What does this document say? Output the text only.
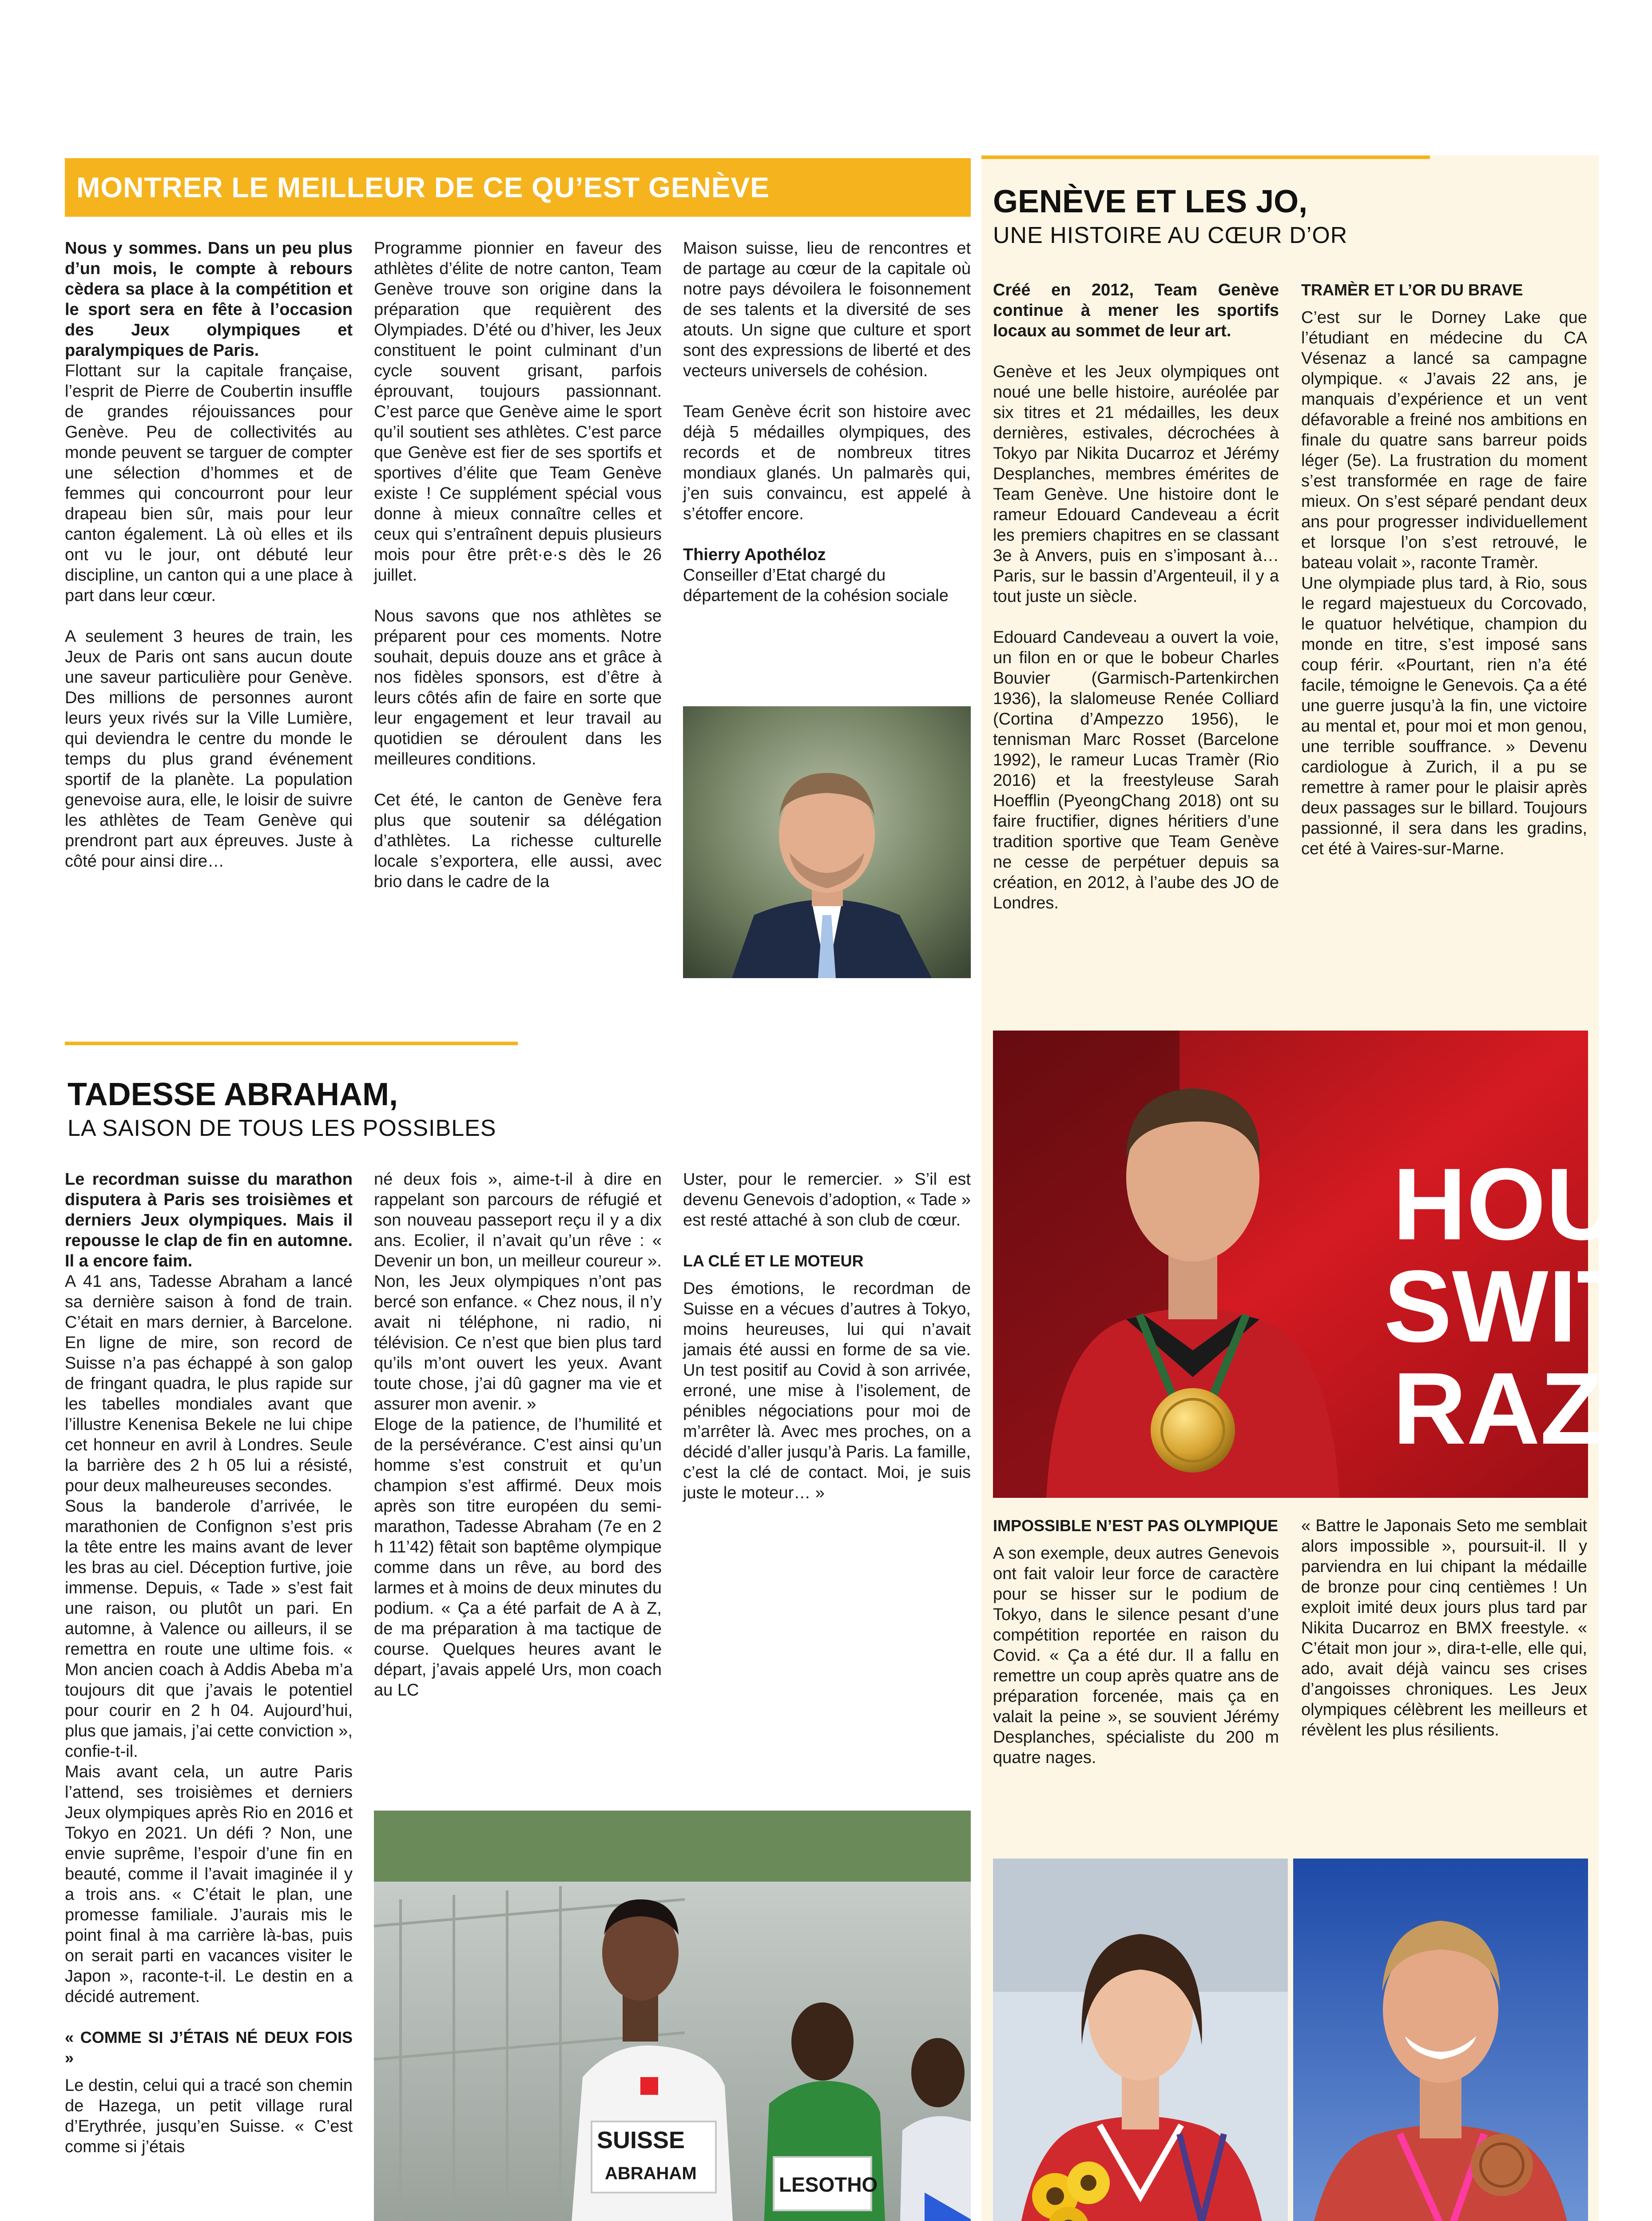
MONTRER LE MEILLEUR DE CE QU’EST GENÈVE

Nous y sommes. Dans un peu plus d’un mois, le compte à rebours cèdera sa place à la compétition et le sport sera en fête à l’occasion des Jeux olympiques et paralympiques de Paris.

Flottant sur la capitale française, l’esprit de Pierre de Coubertin insuffle de grandes réjouissances pour Genève. Peu de collectivités au monde peuvent se targuer de compter une sélection d’hommes et de femmes qui concourront pour leur drapeau bien sûr, mais pour leur canton également. Là où elles et ils ont vu le jour, ont débuté leur discipline, un canton qui a une place à part dans leur cœur.

A seulement 3 heures de train, les Jeux de Paris ont sans aucun doute une saveur particulière pour Genève. Des millions de personnes auront leurs yeux rivés sur la Ville Lumière, qui deviendra le centre du monde le temps du plus grand événement sportif de la planète. La population genevoise aura, elle, le loisir de suivre les athlètes de Team Genève qui prendront part aux épreuves. Juste à côté pour ainsi dire…

Programme pionnier en faveur des athlètes d’élite de notre canton, Team Genève trouve son origine dans la préparation que requièrent des Olympiades. D’été ou d’hiver, les Jeux constituent le point culminant d’un cycle souvent grisant, parfois éprouvant, toujours passionnant. C’est parce que Genève aime le sport qu’il soutient ses athlètes. C’est parce que Genève est fier de ses sportifs et sportives d’élite que Team Genève existe ! Ce supplément spécial vous donne à mieux connaître celles et ceux qui s’entraînent depuis plusieurs mois pour être prêt·e·s dès le 26 juillet.

Nous savons que nos athlètes se préparent pour ces moments. Notre souhait, depuis douze ans et grâce à nos fidèles sponsors, est d’être à leurs côtés afin de faire en sorte que leur engagement et leur travail au quotidien se déroulent dans les meilleures conditions.

Cet été, le canton de Genève fera plus que soutenir sa délégation d’athlètes. La richesse culturelle locale s’exportera, elle aussi, avec brio dans le cadre de la

Maison suisse, lieu de rencontres et de partage au cœur de la capitale où notre pays dévoilera le foisonnement de ses talents et la diversité de ses atouts. Un signe que culture et sport sont des expressions de liberté et des vecteurs universels de cohésion.

Team Genève écrit son histoire avec déjà 5 médailles olympiques, des records et de nombreux titres mondiaux glanés. Un palmarès qui, j’en suis convaincu, est appelé à s’étoffer encore.

Thierry Apothéloz

Conseiller d’Etat chargé du département de la cohésion sociale

GENÈVE ET LES JO,
UNE HISTOIRE AU CŒUR D’OR

Créé en 2012, Team Genève continue à mener les sportifs locaux au sommet de leur art.

Genève et les Jeux olympiques ont noué une belle histoire, auréolée par six titres et 21 médailles, les deux dernières, estivales, décrochées à Tokyo par Nikita Ducarroz et Jérémy Desplanches, membres émérites de Team Genève. Une histoire dont le rameur Edouard Candeveau a écrit les premiers chapitres en se classant 3e à Anvers, puis en s’imposant à… Paris, sur le bassin d’Argenteuil, il y a tout juste un siècle.

Edouard Candeveau a ouvert la voie, un filon en or que le bobeur Charles Bouvier (Garmisch-Partenkirchen 1936), la slalomeuse Renée Colliard (Cortina d’Ampezzo 1956), le tennisman Marc Rosset (Barcelone 1992), le rameur Lucas Tramèr (Rio 2016) et la freestyleuse Sarah Hoefflin (PyeongChang 2018) ont su faire fructifier, dignes héritiers d’une tradition sportive que Team Genève ne cesse de perpétuer depuis sa création, en 2012, à l’aube des JO de Londres.

TRAMÈR ET L’OR DU BRAVE

C’est sur le Dorney Lake que l’étudiant en médecine du CA Vésenaz a lancé sa campagne olympique. « J’avais 22 ans, je manquais d’expérience et un vent défavorable a freiné nos ambitions en finale du quatre sans barreur poids léger (5e). La frustration du moment s’est transformée en rage de faire mieux. On s’est séparé pendant deux ans pour progresser individuellement et lorsque l’on s’est retrouvé, le bateau volait », raconte Tramèr.

Une olympiade plus tard, à Rio, sous le regard majestueux du Corcovado, le quatuor helvétique, champion du monde en titre, s’est imposé sans coup férir. «Pourtant, rien n’a été facile, témoigne le Genevois. Ça a été une guerre jusqu’à la fin, une victoire au mental et, pour moi et mon genou, une terrible souffrance. » Devenu cardiologue à Zurich, il a pu se remettre à ramer pour le plaisir après deux passages sur le billard. Toujours passionné, il sera dans les gradins, cet été à Vaires-sur-Marne.

HOU
SWIT
RAZ

IMPOSSIBLE N’EST PAS OLYMPIQUE

A son exemple, deux autres Genevois ont fait valoir leur force de caractère pour se hisser sur le podium de Tokyo, dans le silence pesant d’une compétition reportée en raison du Covid. « Ça a été dur. Il a fallu en remettre un coup après quatre ans de préparation forcenée, mais ça en valait la peine », se souvient Jérémy Desplanches, spécialiste du 200 m quatre nages.

« Battre le Japonais Seto me semblait alors impossible », poursuit-il. Il y parviendra en lui chipant la médaille de bronze pour cinq centièmes ! Un exploit imité deux jours plus tard par Nikita Ducarroz en BMX freestyle. « C’était mon jour », dira-t-elle, elle qui, ado, avait déjà vaincu ses crises d’angoisses chroniques. Les Jeux olympiques célèbrent les meilleurs et révèlent les plus résilients.

TADESSE ABRAHAM,
LA SAISON DE TOUS LES POSSIBLES

Le recordman suisse du marathon disputera à Paris ses troisièmes et derniers Jeux olympiques. Mais il repousse le clap de fin en automne. Il a encore faim.

A 41 ans, Tadesse Abraham a lancé sa dernière saison à fond de train. C’était en mars dernier, à Barcelone. En ligne de mire, son record de Suisse n’a pas échappé à son galop de fringant quadra, le plus rapide sur les tabelles mondiales avant que l’illustre Kenenisa Bekele ne lui chipe cet honneur en avril à Londres. Seule la barrière des 2 h 05 lui a résisté, pour deux malheureuses secondes.

Sous la banderole d’arrivée, le marathonien de Confignon s’est pris la tête entre les mains avant de lever les bras au ciel. Déception furtive, joie immense. Depuis, « Tade » s’est fait une raison, ou plutôt un pari. En automne, à Valence ou ailleurs, il se remettra en route une ultime fois. « Mon ancien coach à Addis Abeba m’a toujours dit que j’avais le potentiel pour courir en 2 h 04. Aujourd’hui, plus que jamais, j’ai cette conviction », confie-t-il.

Mais avant cela, un autre Paris l’attend, ses troisièmes et derniers Jeux olympiques après Rio en 2016 et Tokyo en 2021. Un défi ? Non, une envie suprême, l’espoir d’une fin en beauté, comme il l’avait imaginée il y a trois ans. « C’était le plan, une promesse familiale. J’aurais mis le point final à ma carrière là-bas, puis on serait parti en vacances visiter le Japon », raconte-t-il. Le destin en a décidé autrement.

« COMME SI J’ÉTAIS NÉ DEUX FOIS »

Le destin, celui qui a tracé son chemin de Hazega, un petit village rural d’Erythrée, jusqu’en Suisse. « C’est comme si j’étais

né deux fois », aime-t-il à dire en rappelant son parcours de réfugié et son nouveau passeport reçu il y a dix ans. Ecolier, il n’avait qu’un rêve : « Devenir un bon, un meilleur coureur ». Non, les Jeux olympiques n’ont pas bercé son enfance. « Chez nous, il n’y avait ni téléphone, ni radio, ni télévision. Ce n’est que bien plus tard qu’ils m’ont ouvert les yeux. Avant toute chose, j’ai dû gagner ma vie et assurer mon avenir. »

Eloge de la patience, de l’humilité et de la persévérance. C’est ainsi qu’un homme s’est construit et qu’un champion s’est affirmé. Deux mois après son titre européen du semi-marathon, Tadesse Abraham (7e en 2 h 11’42) fêtait son baptême olympique comme dans un rêve, au bord des larmes et à moins de deux minutes du podium. « Ça a été parfait de A à Z, de ma préparation à ma tactique de course. Quelques heures avant le départ, j’avais appelé Urs, mon coach au LC

Uster, pour le remercier. » S’il est devenu Genevois d’adoption, « Tade » est resté attaché à son club de cœur.

LA CLÉ ET LE MOTEUR

Des émotions, le recordman de Suisse en a vécues d’autres à Tokyo, moins heureuses, lui qui n’avait jamais été aussi en forme de sa vie. Un test positif au Covid à son arrivée, erroné, une mise à l’isolement, de pénibles négociations pour moi de m’arrêter là. Avec mes proches, on a décidé d’aller jusqu’à Paris. La famille, c’est la clé de contact. Moi, je suis juste le moteur… »

SUISSE
ABRAHAM	LESOTHO
